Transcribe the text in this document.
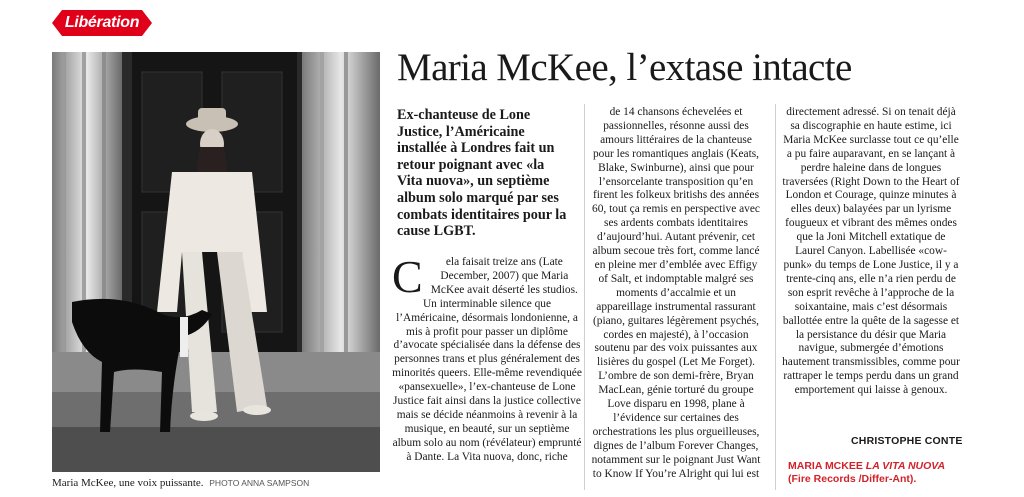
Libération
Maria McKee, une voix puissante. PHOTO ANNA SAMPSON
Maria McKee, l’extase intacte
Ex-chanteuse de Lone Justice, l’Américaine installée à Londres fait un retour poignant avec «la Vita nuova», un septième album solo marqué par ses combats identitaires pour la cause LGBT.
C	ela faisait treize ans (Late December, 2007) que Maria McKee avait déserté les studios. Un interminable silence que l’Américaine, désormais londonienne, a mis à profit pour passer un diplôme d’avocate spécialisée dans la défense des personnes trans et plus généralement des minorités queers. Elle-même revendiquée «pansexuelle», l’ex-chanteuse de Lone Justice fait ainsi dans la justice collective mais se décide néanmoins à revenir à la musique, en beauté, sur un septième album solo au nom (révélateur) emprunté à Dante. La Vita nuova, donc, riche

de 14 chansons échevelées et passionnelles, résonne aussi des amours littéraires de la chanteuse pour les romantiques anglais (Keats, Blake, Swinburne), ainsi que pour l’ensorcelante transposition qu’en firent les folkeux britishs des années 60, tout ça remis en perspective avec ses ardents combats identitaires d’aujourd’hui. Autant prévenir, cet album secoue très fort, comme lancé en pleine mer d’emblée avec Effigy of Salt, et indomptable malgré ses moments d’accalmie et un appareillage instrumental rassurant (piano, guitares légèrement psychés, cordes en majesté), à l’occasion soutenu par des voix puissantes aux lisières du gospel (Let Me Forget). L’ombre de son demi-frère, Bryan MacLean, génie torturé du groupe Love disparu en 1998, plane à l’évidence sur certaines des orchestrations les plus orgueilleuses, dignes de l’album Forever Changes, notamment sur le poignant Just Want to Know If You’re Alright qui lui est

directement adressé. Si on tenait déjà sa discographie en haute estime, ici Maria McKee surclasse tout ce qu’elle a pu faire auparavant, en se lançant à perdre haleine dans de longues traversées (Right Down to the Heart of London et Courage, quinze minutes à elles deux) balayées par un lyrisme fougueux et vibrant des mêmes ondes que la Joni Mitchell extatique de Laurel Canyon. Labellisée «cow-punk» du temps de Lone Justice, il y a trente-cinq ans, elle n’a rien perdu de son esprit revêche à l’approche de la soixantaine, mais c’est désormais ballottée entre la quête de la sagesse et la persistance du désir que Maria navigue, submergée d’émotions hautement transmissibles, comme pour rattraper le temps perdu dans un grand emportement qui laisse à genoux.

CHRISTOPHE CONTE
MARIA MCKEE LA VITA NUOVA
(Fire Records /Differ-Ant).
